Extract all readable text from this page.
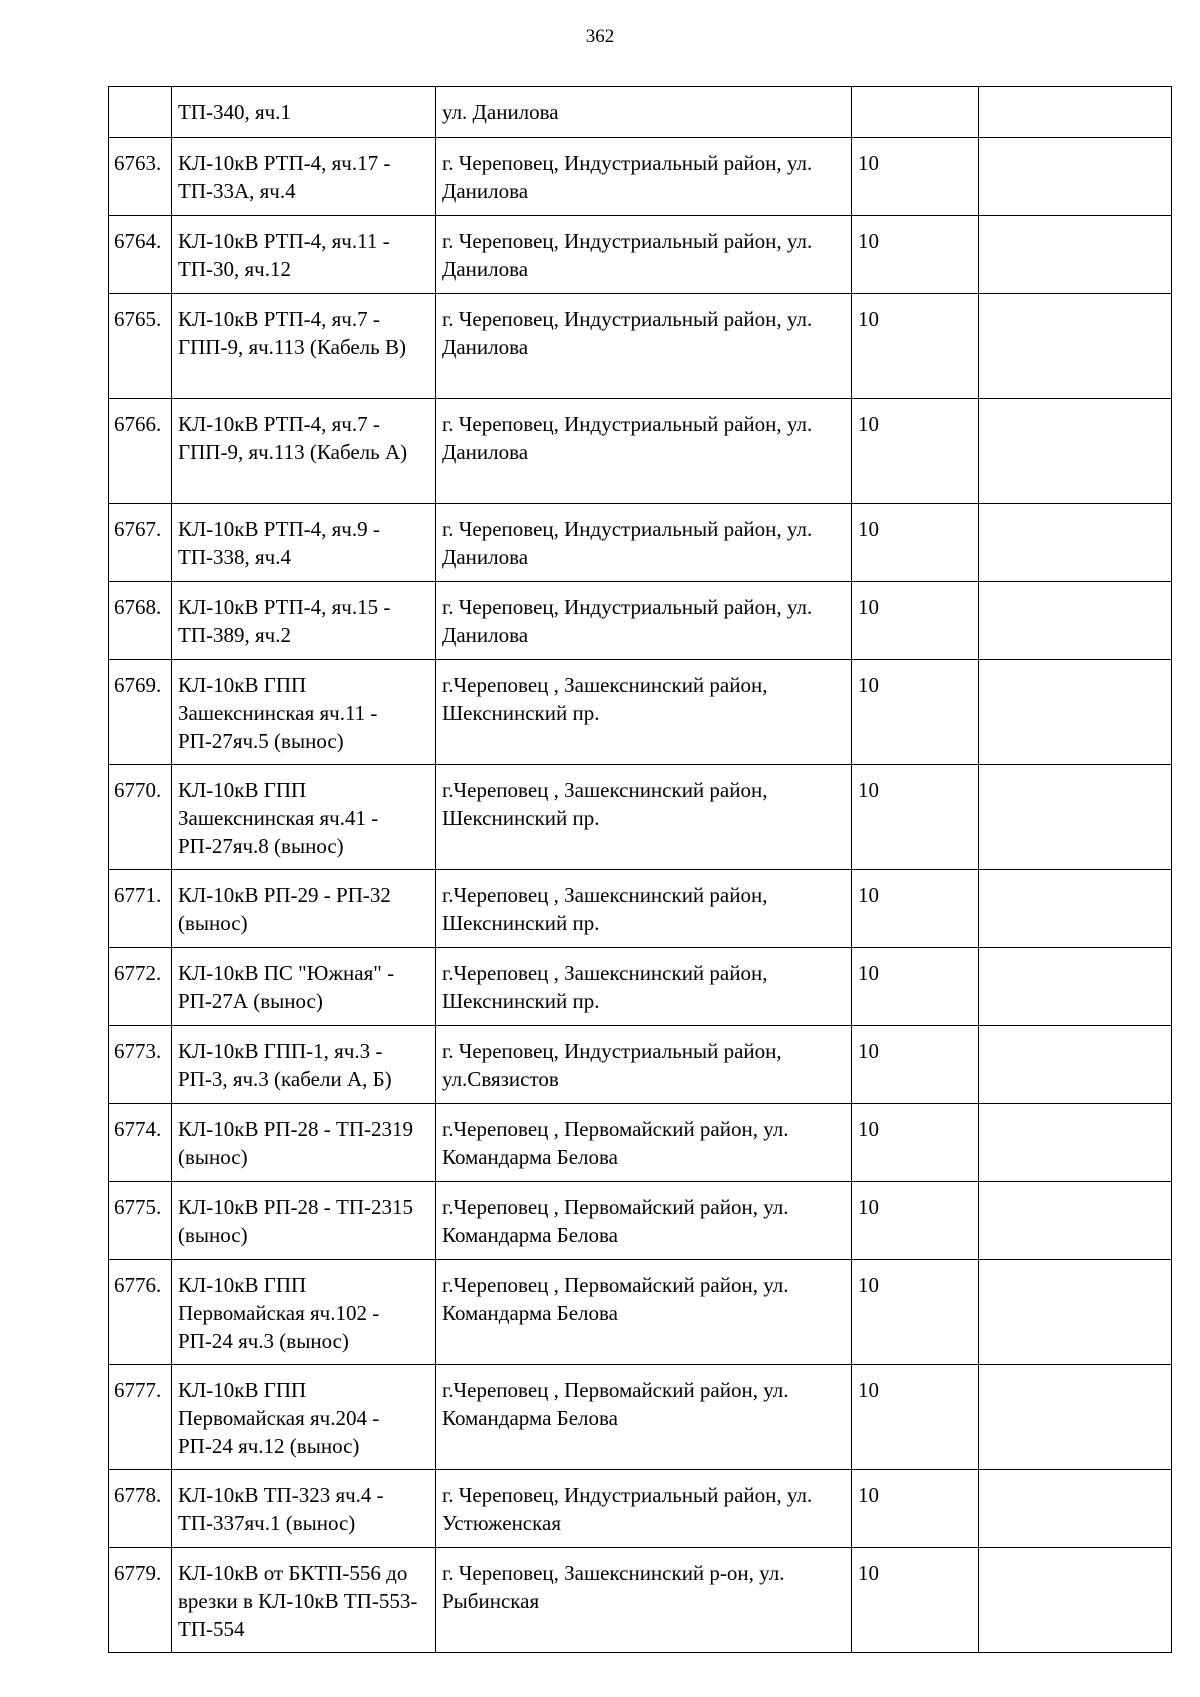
362
	ТП-340, яч.1	ул. Данилова		
6763.	КЛ-10кВ РТП-4, яч.17 - ТП-33А, яч.4	г. Череповец, Индустриальный район, ул. Данилова	10	
6764.	КЛ-10кВ РТП-4, яч.11 - ТП-30, яч.12	г. Череповец, Индустриальный район, ул. Данилова	10	
6765.	КЛ-10кВ РТП-4, яч.7 - ГПП-9, яч.113 (Кабель В)	г. Череповец, Индустриальный район, ул. Данилова	10	
6766.	КЛ-10кВ РТП-4, яч.7 - ГПП-9, яч.113 (Кабель А)	г. Череповец, Индустриальный район, ул. Данилова	10	
6767.	КЛ-10кВ РТП-4, яч.9 - ТП-338, яч.4	г. Череповец, Индустриальный район, ул. Данилова	10	
6768.	КЛ-10кВ РТП-4, яч.15 - ТП-389, яч.2	г. Череповец, Индустриальный район, ул. Данилова	10	
6769.	КЛ-10кВ ГПП Зашекснинская яч.11 - РП-27яч.5 (вынос)	г.Череповец , Зашекснинский район, Шекснинский пр.	10	
6770.	КЛ-10кВ ГПП Зашекснинская яч.41 - РП-27яч.8 (вынос)	г.Череповец , Зашекснинский район, Шекснинский пр.	10	
6771.	КЛ-10кВ РП-29 - РП-32 (вынос)	г.Череповец , Зашекснинский район, Шекснинский пр.	10	
6772.	КЛ-10кВ ПС "Южная" - РП-27А (вынос)	г.Череповец , Зашекснинский район, Шекснинский пр.	10	
6773.	КЛ-10кВ ГПП-1, яч.3 - РП-3, яч.3 (кабели А, Б)	г. Череповец, Индустриальный район, ул.Связистов	10	
6774.	КЛ-10кВ РП-28 - ТП-2319 (вынос)	г.Череповец , Первомайский район, ул. Командарма Белова	10	
6775.	КЛ-10кВ РП-28 - ТП-2315 (вынос)	г.Череповец , Первомайский район, ул. Командарма Белова	10	
6776.	КЛ-10кВ ГПП Первомайская яч.102 - РП-24 яч.3 (вынос)	г.Череповец , Первомайский район, ул. Командарма Белова	10	
6777.	КЛ-10кВ ГПП Первомайская яч.204 - РП-24 яч.12 (вынос)	г.Череповец , Первомайский район, ул. Командарма Белова	10	
6778.	КЛ-10кВ ТП-323 яч.4 - ТП-337яч.1 (вынос)	г. Череповец, Индустриальный район, ул. Устюженская	10	
6779.	КЛ-10кВ от БКТП-556 до врезки в КЛ-10кВ ТП-553-ТП-554	г. Череповец, Зашекснинский р-он, ул. Рыбинская	10	
